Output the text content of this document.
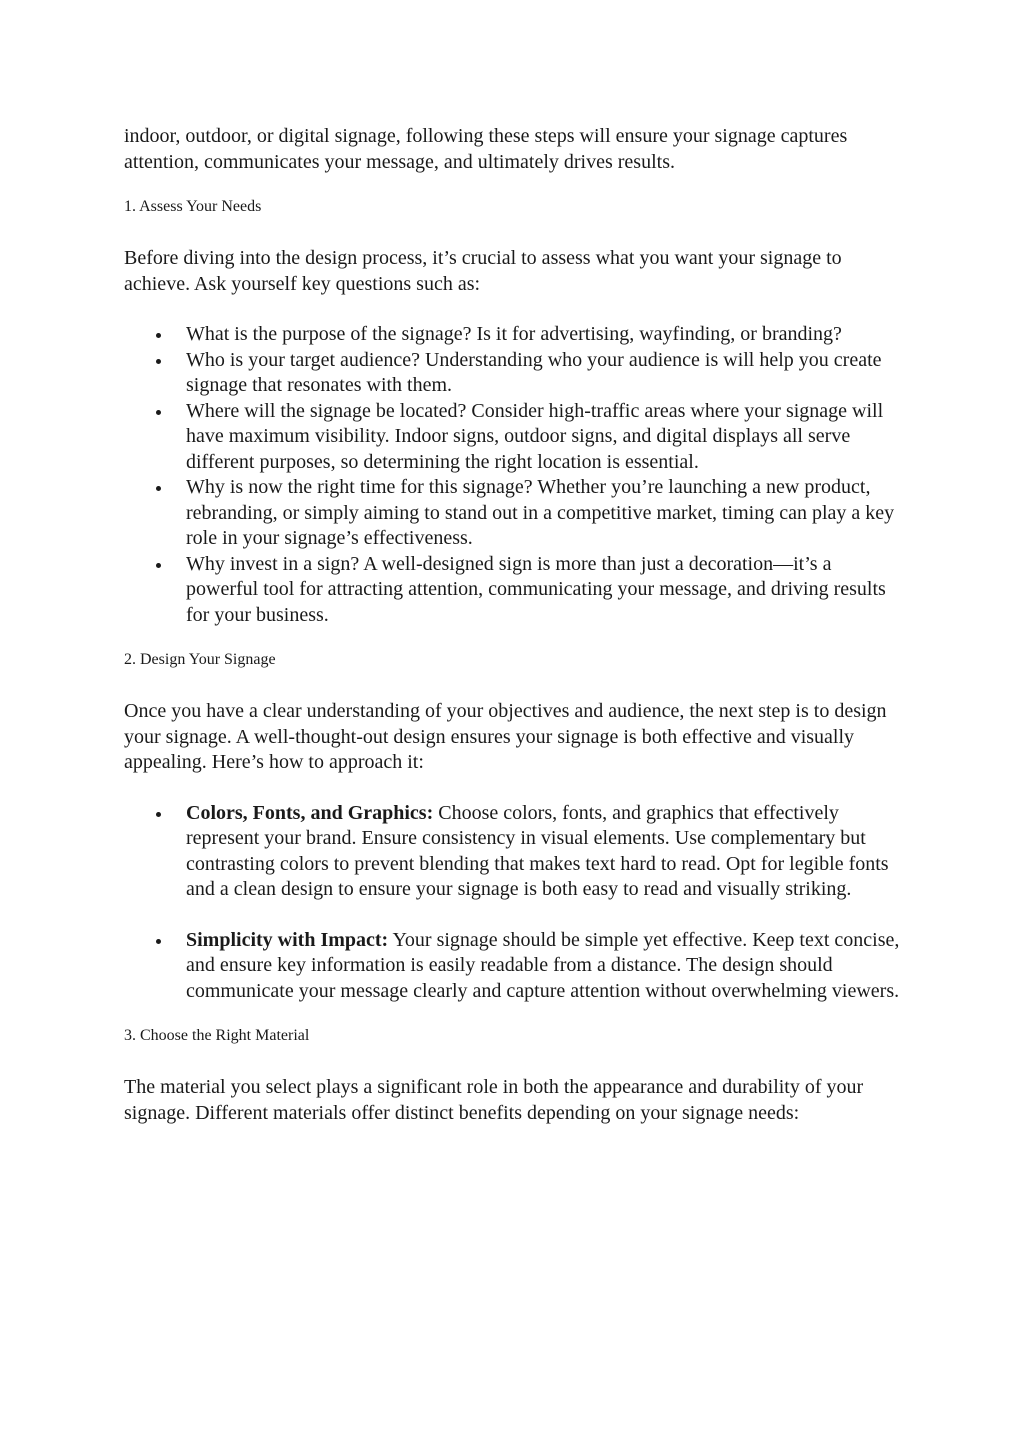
indoor, outdoor, or digital signage, following these steps will ensure your signage captures attention, communicates your message, and ultimately drives results.

1. Assess Your Needs

Before diving into the design process, it’s crucial to assess what you want your signage to achieve. Ask yourself key questions such as:

What is the purpose of the signage? Is it for advertising, wayfinding, or branding?
Who is your target audience? Understanding who your audience is will help you create signage that resonates with them.
Where will the signage be located? Consider high-traffic areas where your signage will have maximum visibility. Indoor signs, outdoor signs, and digital displays all serve different purposes, so determining the right location is essential.
Why is now the right time for this signage? Whether you’re launching a new product, rebranding, or simply aiming to stand out in a competitive market, timing can play a key role in your signage’s effectiveness.
Why invest in a sign? A well-designed sign is more than just a decoration—it’s a powerful tool for attracting attention, communicating your message, and driving results for your business.
2. Design Your Signage

Once you have a clear understanding of your objectives and audience, the next step is to design your signage. A well-thought-out design ensures your signage is both effective and visually appealing. Here’s how to approach it:

Colors, Fonts, and Graphics: Choose colors, fonts, and graphics that effectively represent your brand. Ensure consistency in visual elements. Use complementary but contrasting colors to prevent blending that makes text hard to read. Opt for legible fonts and a clean design to ensure your signage is both easy to read and visually striking.
Simplicity with Impact: Your signage should be simple yet effective. Keep text concise, and ensure key information is easily readable from a distance. The design should communicate your message clearly and capture attention without overwhelming viewers.
3. Choose the Right Material

The material you select plays a significant role in both the appearance and durability of your signage. Different materials offer distinct benefits depending on your signage needs:
